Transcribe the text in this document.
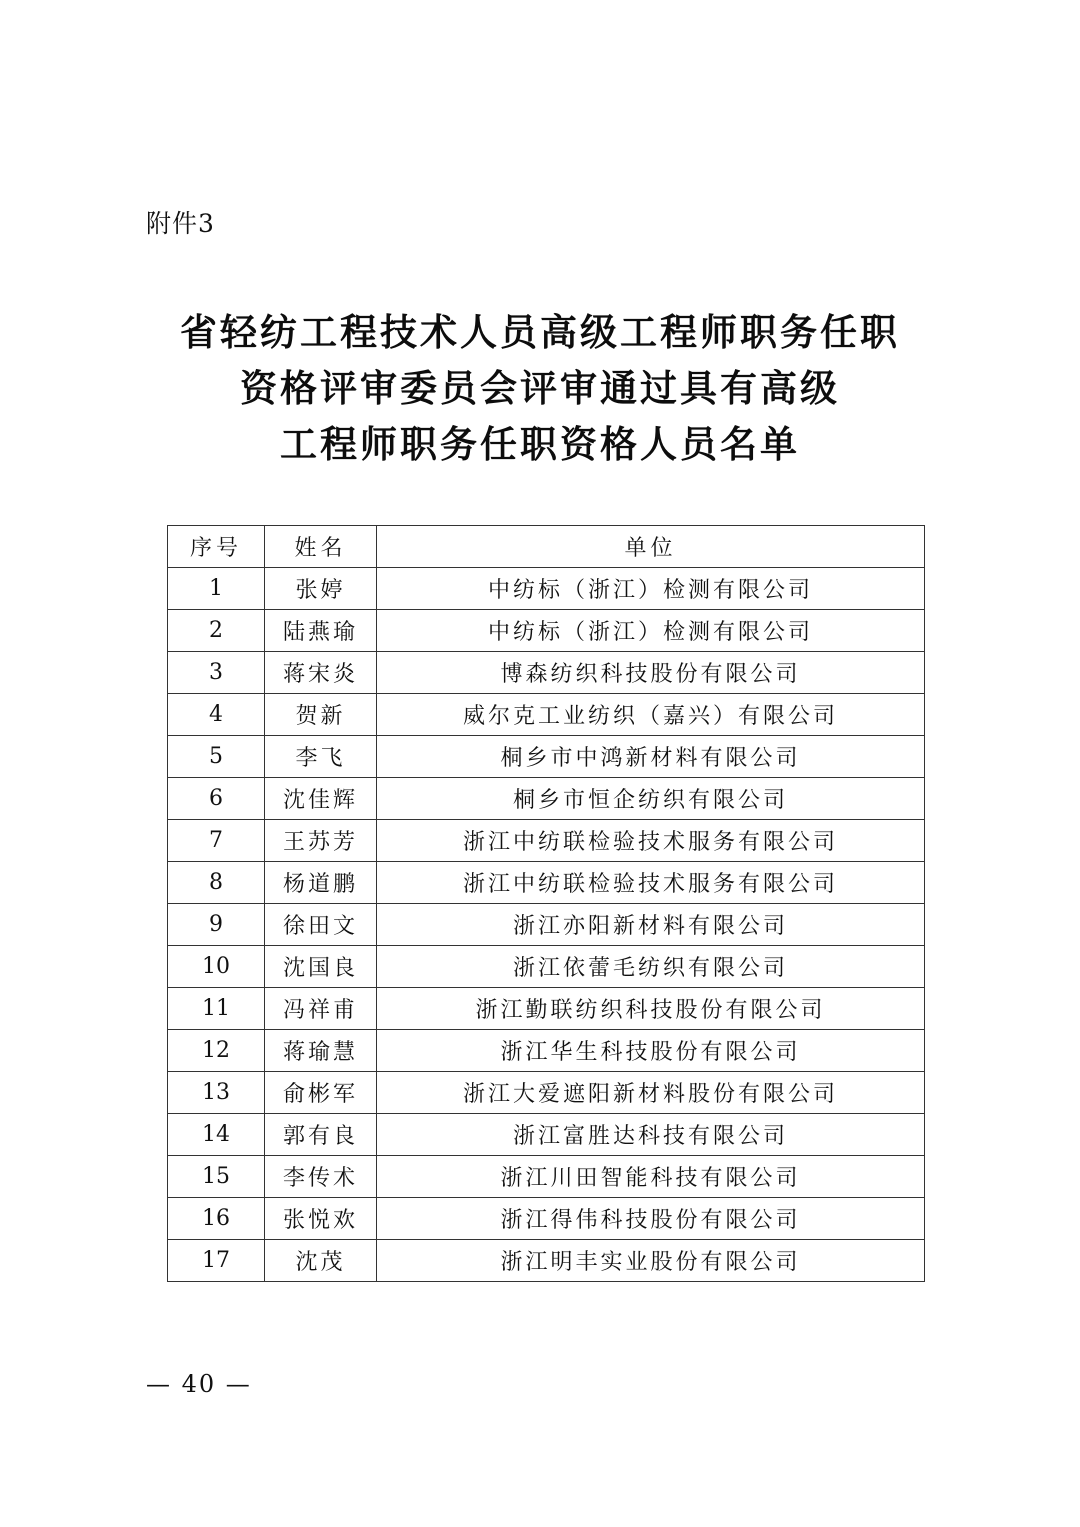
附件3
省轻纺工程技术人员高级工程师职务任职
资格评审委员会评审通过具有高级
工程师职务任职资格人员名单
序号	姓名	单位
1	张婷	中纺标（浙江）检测有限公司
2	陆燕瑜	中纺标（浙江）检测有限公司
3	蒋宋炎	博森纺织科技股份有限公司
4	贺新	威尔克工业纺织（嘉兴）有限公司
5	李飞	桐乡市中鸿新材料有限公司
6	沈佳辉	桐乡市恒企纺织有限公司
7	王苏芳	浙江中纺联检验技术服务有限公司
8	杨道鹏	浙江中纺联检验技术服务有限公司
9	徐田文	浙江亦阳新材料有限公司
10	沈国良	浙江依蕾毛纺织有限公司
11	冯祥甫	浙江勤联纺织科技股份有限公司
12	蒋瑜慧	浙江华生科技股份有限公司
13	俞彬军	浙江大爱遮阳新材料股份有限公司
14	郭有良	浙江富胜达科技有限公司
15	李传术	浙江川田智能科技有限公司
16	张悦欢	浙江得伟科技股份有限公司
17	沈茂	浙江明丰实业股份有限公司
— 40 —
